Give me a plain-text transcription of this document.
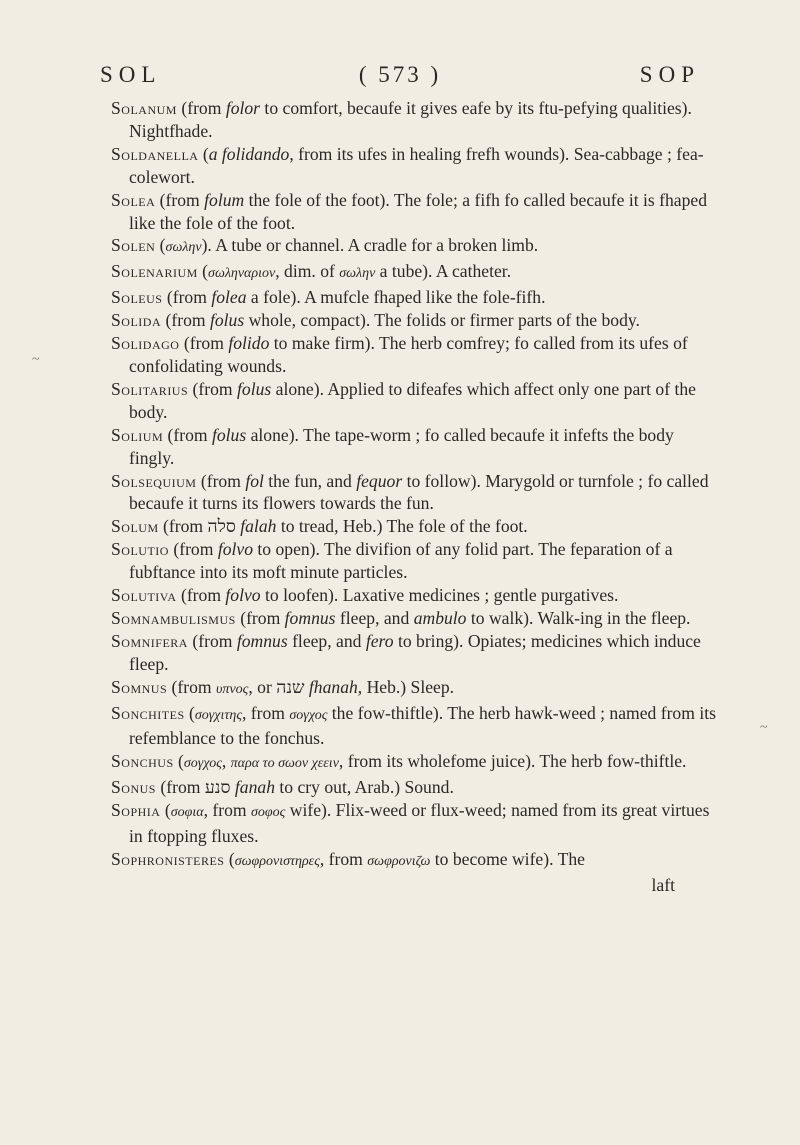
SOL	( 573 )	SOP
~
~

Solanum (from folor to comfort, becaufe it gives eafe by its ftu-pefying qualities). Nightfhade.

Soldanella (a folidando, from its ufes in healing frefh wounds). Sea-cabbage ; fea-colewort.

Solea (from folum the fole of the foot). The fole; a fifh fo called becaufe it is fhaped like the fole of the foot.

Solen (σωλην). A tube or channel. A cradle for a broken limb.

Solenarium (σωληναριον, dim. of σωλην a tube). A catheter.

Soleus (from folea a fole). A mufcle fhaped like the fole-fifh.

Solida (from folus whole, compact). The folids or firmer parts of the body.

Solidago (from folido to make firm). The herb comfrey; fo called from its ufes of confolidating wounds.

Solitarius (from folus alone). Applied to difeafes which affect only one part of the body.

Solium (from folus alone). The tape-worm ; fo called becaufe it infefts the body fingly.

Solsequium (from fol the fun, and fequor to follow). Marygold or turnfole ; fo called becaufe it turns its flowers towards the fun.

Solum (from סלה falah to tread, Heb.) The fole of the foot.

Solutio (from folvo to open). The divifion of any folid part. The feparation of a fubftance into its moft minute particles.

Solutiva (from folvo to loofen). Laxative medicines ; gentle purgatives.

Somnambulismus (from fomnus fleep, and ambulo to walk). Walk-ing in the fleep.

Somnifera (from fomnus fleep, and fero to bring). Opiates; medicines which induce fleep.

Somnus (from υπνος, or שנה fhanah, Heb.) Sleep.

Sonchites (σογχιτης, from σογχος the fow-thiftle). The herb hawk-weed ; named from its refemblance to the fonchus.

Sonchus (σογχος, παρα το σωον χεειν, from its wholefome juice). The herb fow-thiftle.

Sonus (from סנע fanah to cry out, Arab.) Sound.

Sophia (σοφια, from σοφος wife). Flix-weed or flux-weed; named from its great virtues in ftopping fluxes.

Sophronisteres (σωφρονιστηρες, from σωφρονιζω to become wife). The

laft
